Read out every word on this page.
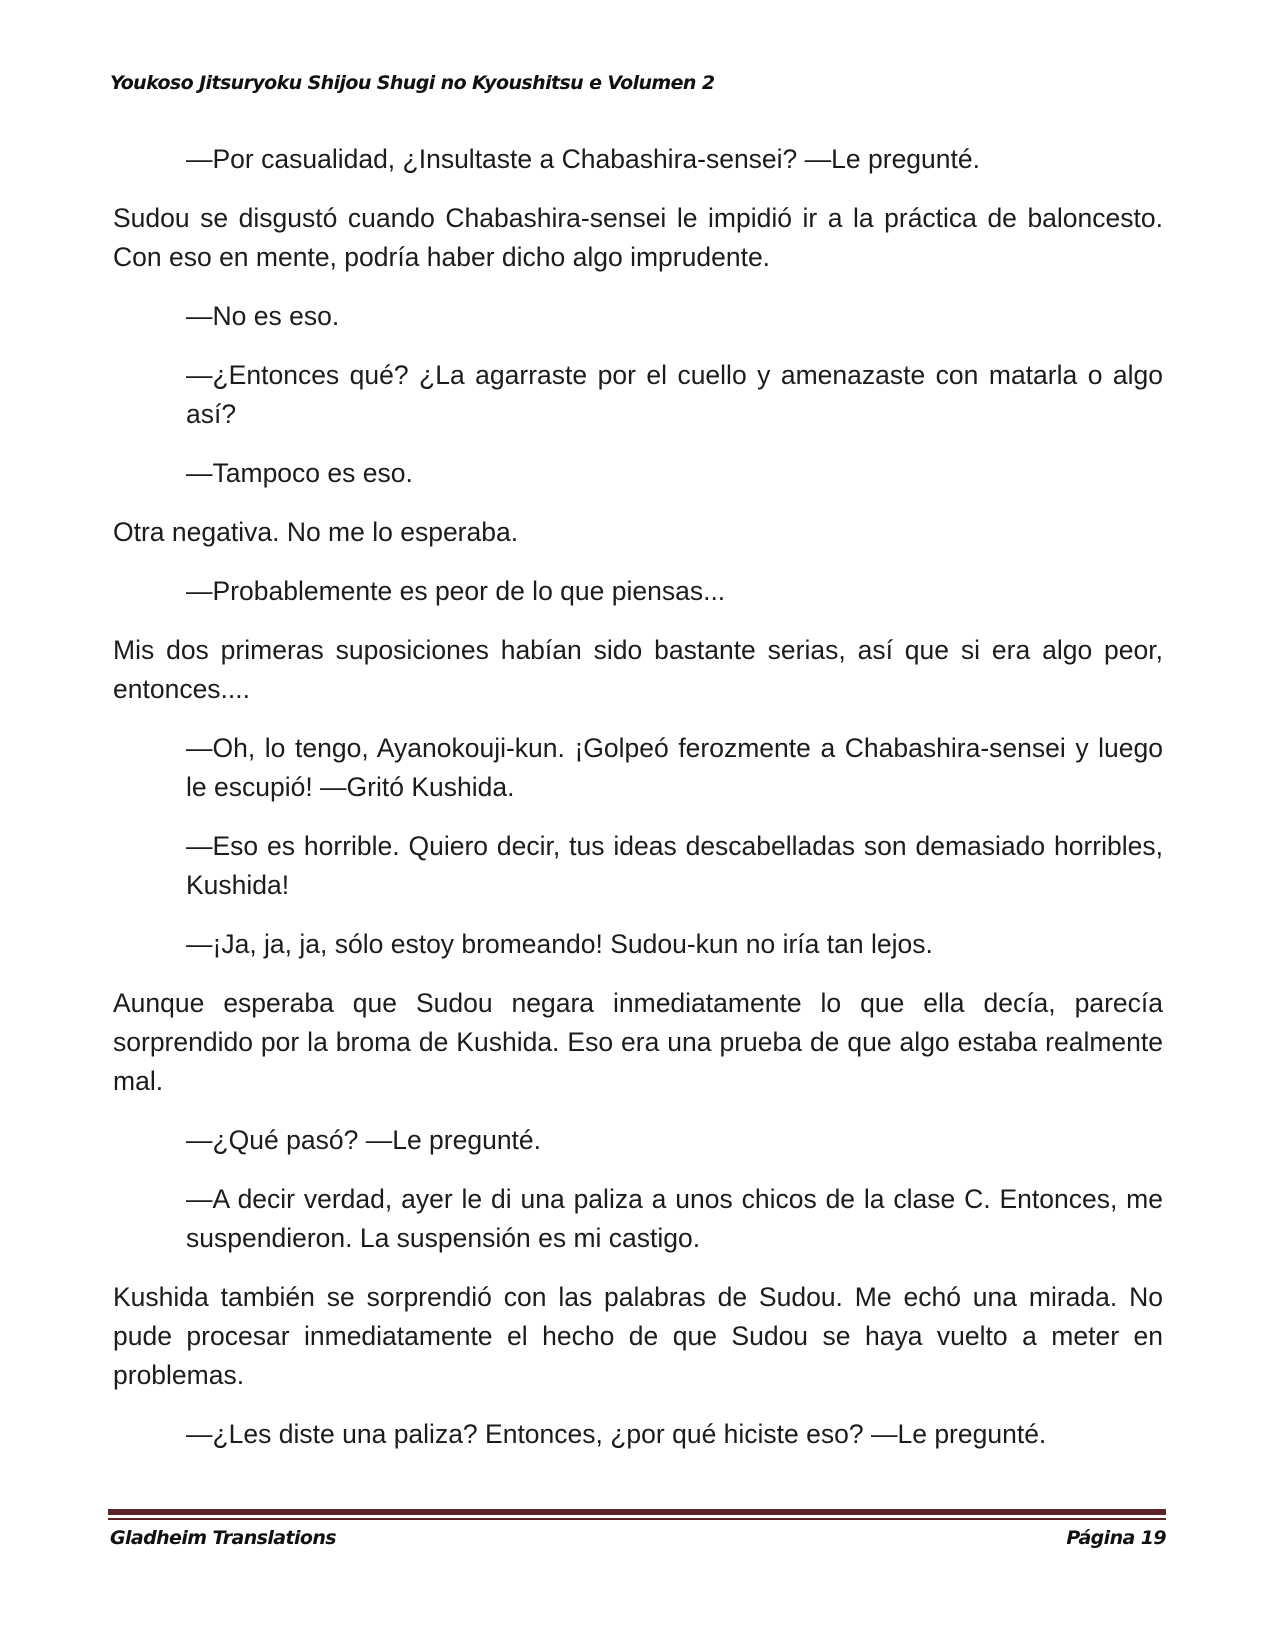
Youkoso Jitsuryoku Shijou Shugi no Kyoushitsu e Volumen 2

—Por casualidad, ¿Insultaste a Chabashira-sensei? —Le pregunté.

Sudou se disgustó cuando Chabashira-sensei le impidió ir a la práctica de baloncesto. Con eso en mente, podría haber dicho algo imprudente.

—No es eso.

—¿Entonces qué? ¿La agarraste por el cuello y amenazaste con matarla o algo así?

—Tampoco es eso.

Otra negativa. No me lo esperaba.

—Probablemente es peor de lo que piensas...

Mis dos primeras suposiciones habían sido bastante serias, así que si era algo peor, entonces....

—Oh, lo tengo, Ayanokouji-kun. ¡Golpeó ferozmente a Chabashira-sensei y luego le escupió! —Gritó Kushida.

—Eso es horrible. Quiero decir, tus ideas descabelladas son demasiado horribles, Kushida!

—¡Ja, ja, ja, sólo estoy bromeando! Sudou-kun no iría tan lejos.

Aunque esperaba que Sudou negara inmediatamente lo que ella decía, parecía sorprendido por la broma de Kushida. Eso era una prueba de que algo estaba realmente mal.

—¿Qué pasó? —Le pregunté.

—A decir verdad, ayer le di una paliza a unos chicos de la clase C. Entonces, me suspendieron. La suspensión es mi castigo.

Kushida también se sorprendió con las palabras de Sudou. Me echó una mirada. No pude procesar inmediatamente el hecho de que Sudou se haya vuelto a meter en problemas.

—¿Les diste una paliza? Entonces, ¿por qué hiciste eso? —Le pregunté.

Gladheim Translations	Página 19
